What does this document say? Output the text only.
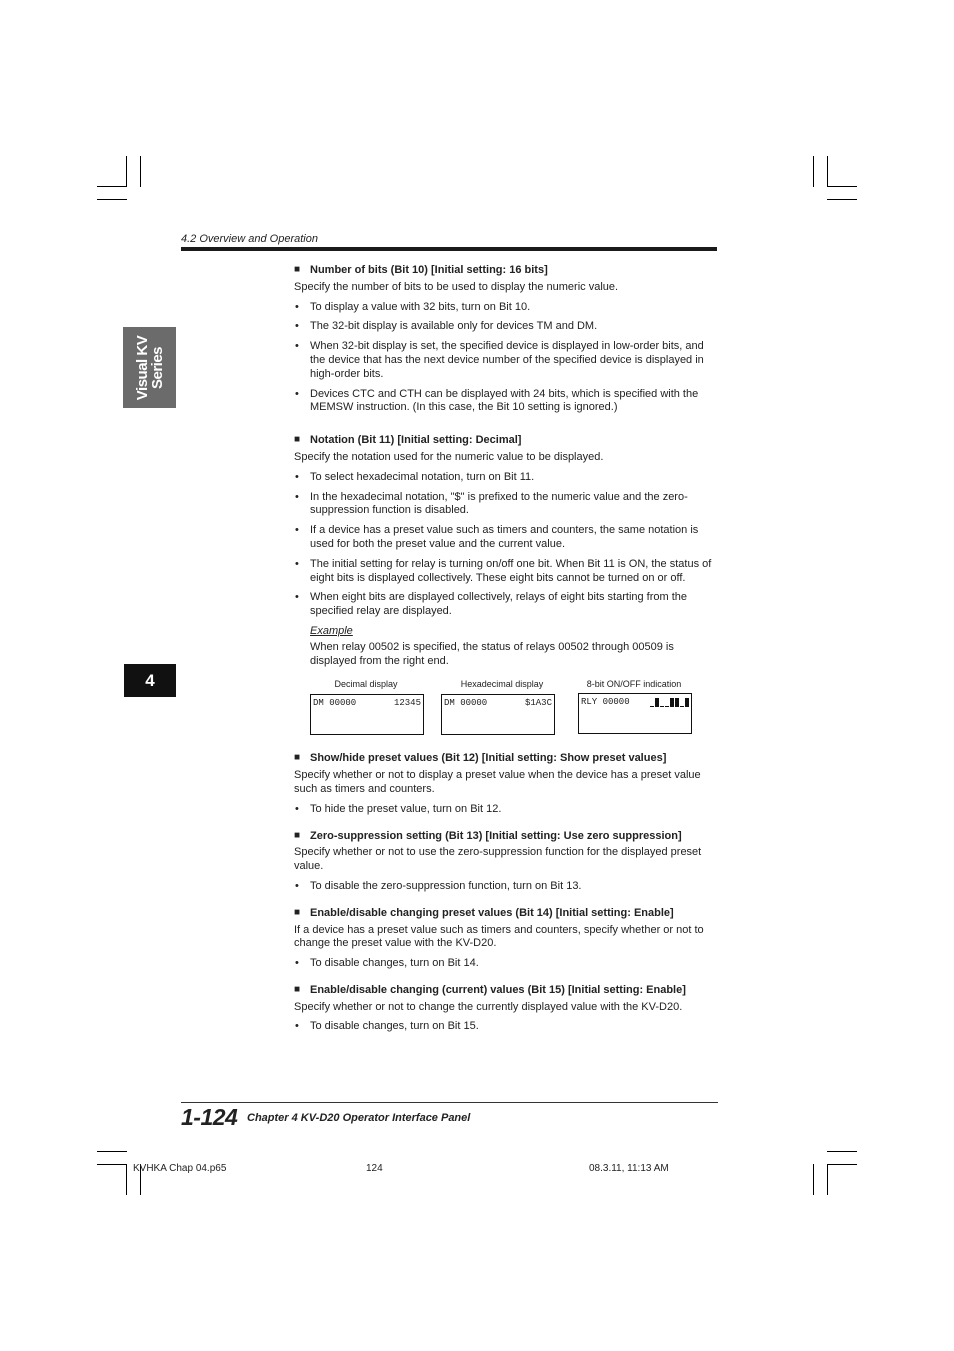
4.2 Overview and Operation
Visual KV
Series
4
■ Number of bits (Bit 10) [Initial setting: 16 bits]
Specify the number of bits to be used to display the numeric value.
• To display a value with 32 bits, turn on Bit 10.
• The 32-bit display is available only for devices TM and DM.
• When 32-bit display is set, the specified device is displayed in low-order bits, and the device that has the next device number of the specified device is displayed in high-order bits.
• Devices CTC and CTH can be displayed with 24 bits, which is specified with the MEMSW instruction. (In this case, the Bit 10 setting is ignored.)
■ Notation (Bit 11) [Initial setting: Decimal]
Specify the notation used for the numeric value to be displayed.
• To select hexadecimal notation, turn on Bit 11.
• In the hexadecimal notation, "$" is prefixed to the numeric value and the zero-suppression function is disabled.
• If a device has a preset value such as timers and counters, the same notation is used for both the preset value and the current value.
• The initial setting for relay is turning on/off one bit. When Bit 11 is ON, the status of eight bits is displayed collectively. These eight bits cannot be turned on or off.
• When eight bits are displayed collectively, relays of eight bits starting from the specified relay are displayed.
Example
When relay 00502 is specified, the status of relays 00502 through 00509 is displayed from the right end.
■ Show/hide preset values (Bit 12) [Initial setting: Show preset values]
Specify whether or not to display a preset value when the device has a preset value such as timers and counters.
• To hide the preset value, turn on Bit 12.
■ Zero-suppression setting (Bit 13) [Initial setting: Use zero suppression]
Specify whether or not to use the zero-suppression function for the displayed preset value.
• To disable the zero-suppression function, turn on Bit 13.
■ Enable/disable changing preset values (Bit 14) [Initial setting: Enable]
If a device has a preset value such as timers and counters, specify whether or not to change the preset value with the KV-D20.
• To disable changes, turn on Bit 14.
■ Enable/disable changing (current) values (Bit 15) [Initial setting: Enable]
Specify whether or not to change the currently displayed value with the KV-D20.
• To disable changes, turn on Bit 15.
Decimal display
DM 00000	12345
Hexadecimal display
DM 00000	$1A3C
8-bit ON/OFF indication
RLY 00000
1-124 Chapter 4 KV-D20 Operator Interface Panel
KVHKA Chap 04.p65	124	08.3.11, 11:13 AM
